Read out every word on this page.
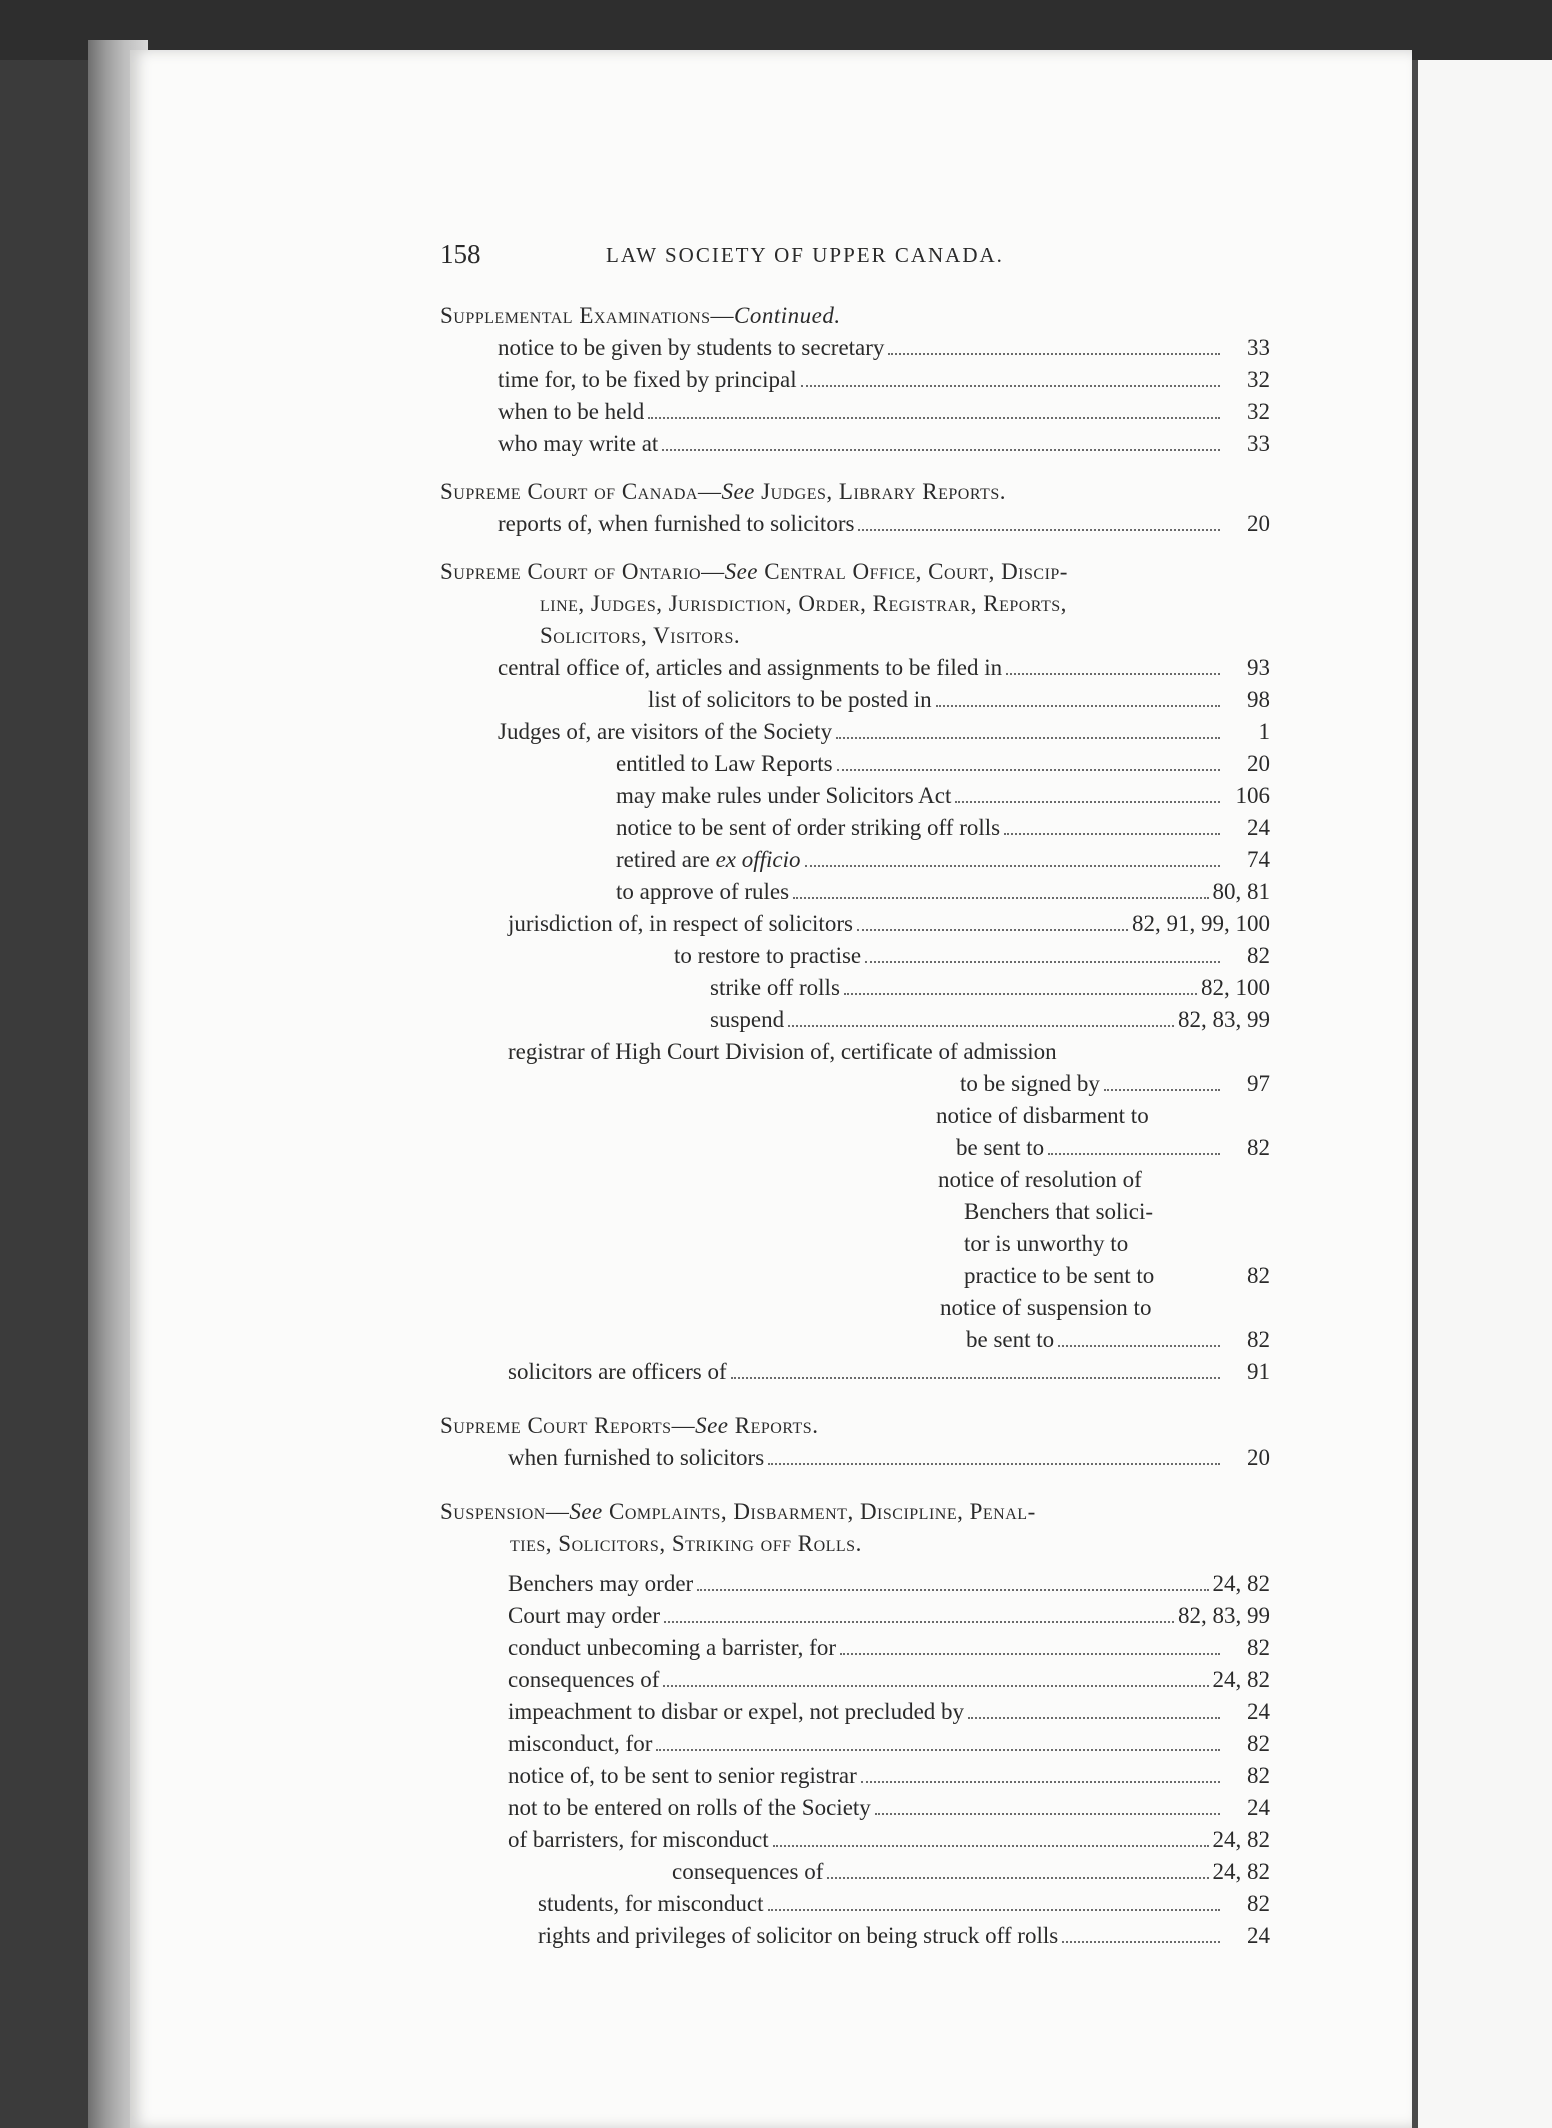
158	LAW SOCIETY OF UPPER CANADA.
Supplemental Examinations—Continued.
notice to be given by students to secretary	33
time for, to be fixed by principal	32
when to be held	32
who may write at	33
Supreme Court of Canada—See Judges, Library Reports.
reports of, when furnished to solicitors	20
Supreme Court of Ontario—See Central Office, Court, Discip-
line, Judges, Jurisdiction, Order, Registrar, Reports,
Solicitors, Visitors.
central office of, articles and assignments to be filed in	93
list of solicitors to be posted in	98
Judges of, are visitors of the Society	1
entitled to Law Reports	20
may make rules under Solicitors Act	106
notice to be sent of order striking off rolls	24
retired are ex officio	74
to approve of rules	80, 81
jurisdiction of, in respect of solicitors	82, 91, 99, 100
to restore to practise	82
strike off rolls	82, 100
suspend	82, 83, 99
registrar of High Court Division of, certificate of admission
to be signed by	97
notice of disbarment to
be sent to	82
notice of resolution of
Benchers that solici-
tor is unworthy to
practice to be sent to	82
notice of suspension to
be sent to	82
solicitors are officers of	91
Supreme Court Reports—See Reports.
when furnished to solicitors	20
Suspension—See Complaints, Disbarment, Discipline, Penal-
ties, Solicitors, Striking off Rolls.
Benchers may order	24, 82
Court may order	82, 83, 99
conduct unbecoming a barrister, for	82
consequences of	24, 82
impeachment to disbar or expel, not precluded by	24
misconduct, for	82
notice of, to be sent to senior registrar	82
not to be entered on rolls of the Society	24
of barristers, for misconduct	24, 82
consequences of	24, 82
students, for misconduct	82
rights and privileges of solicitor on being struck off rolls	24
